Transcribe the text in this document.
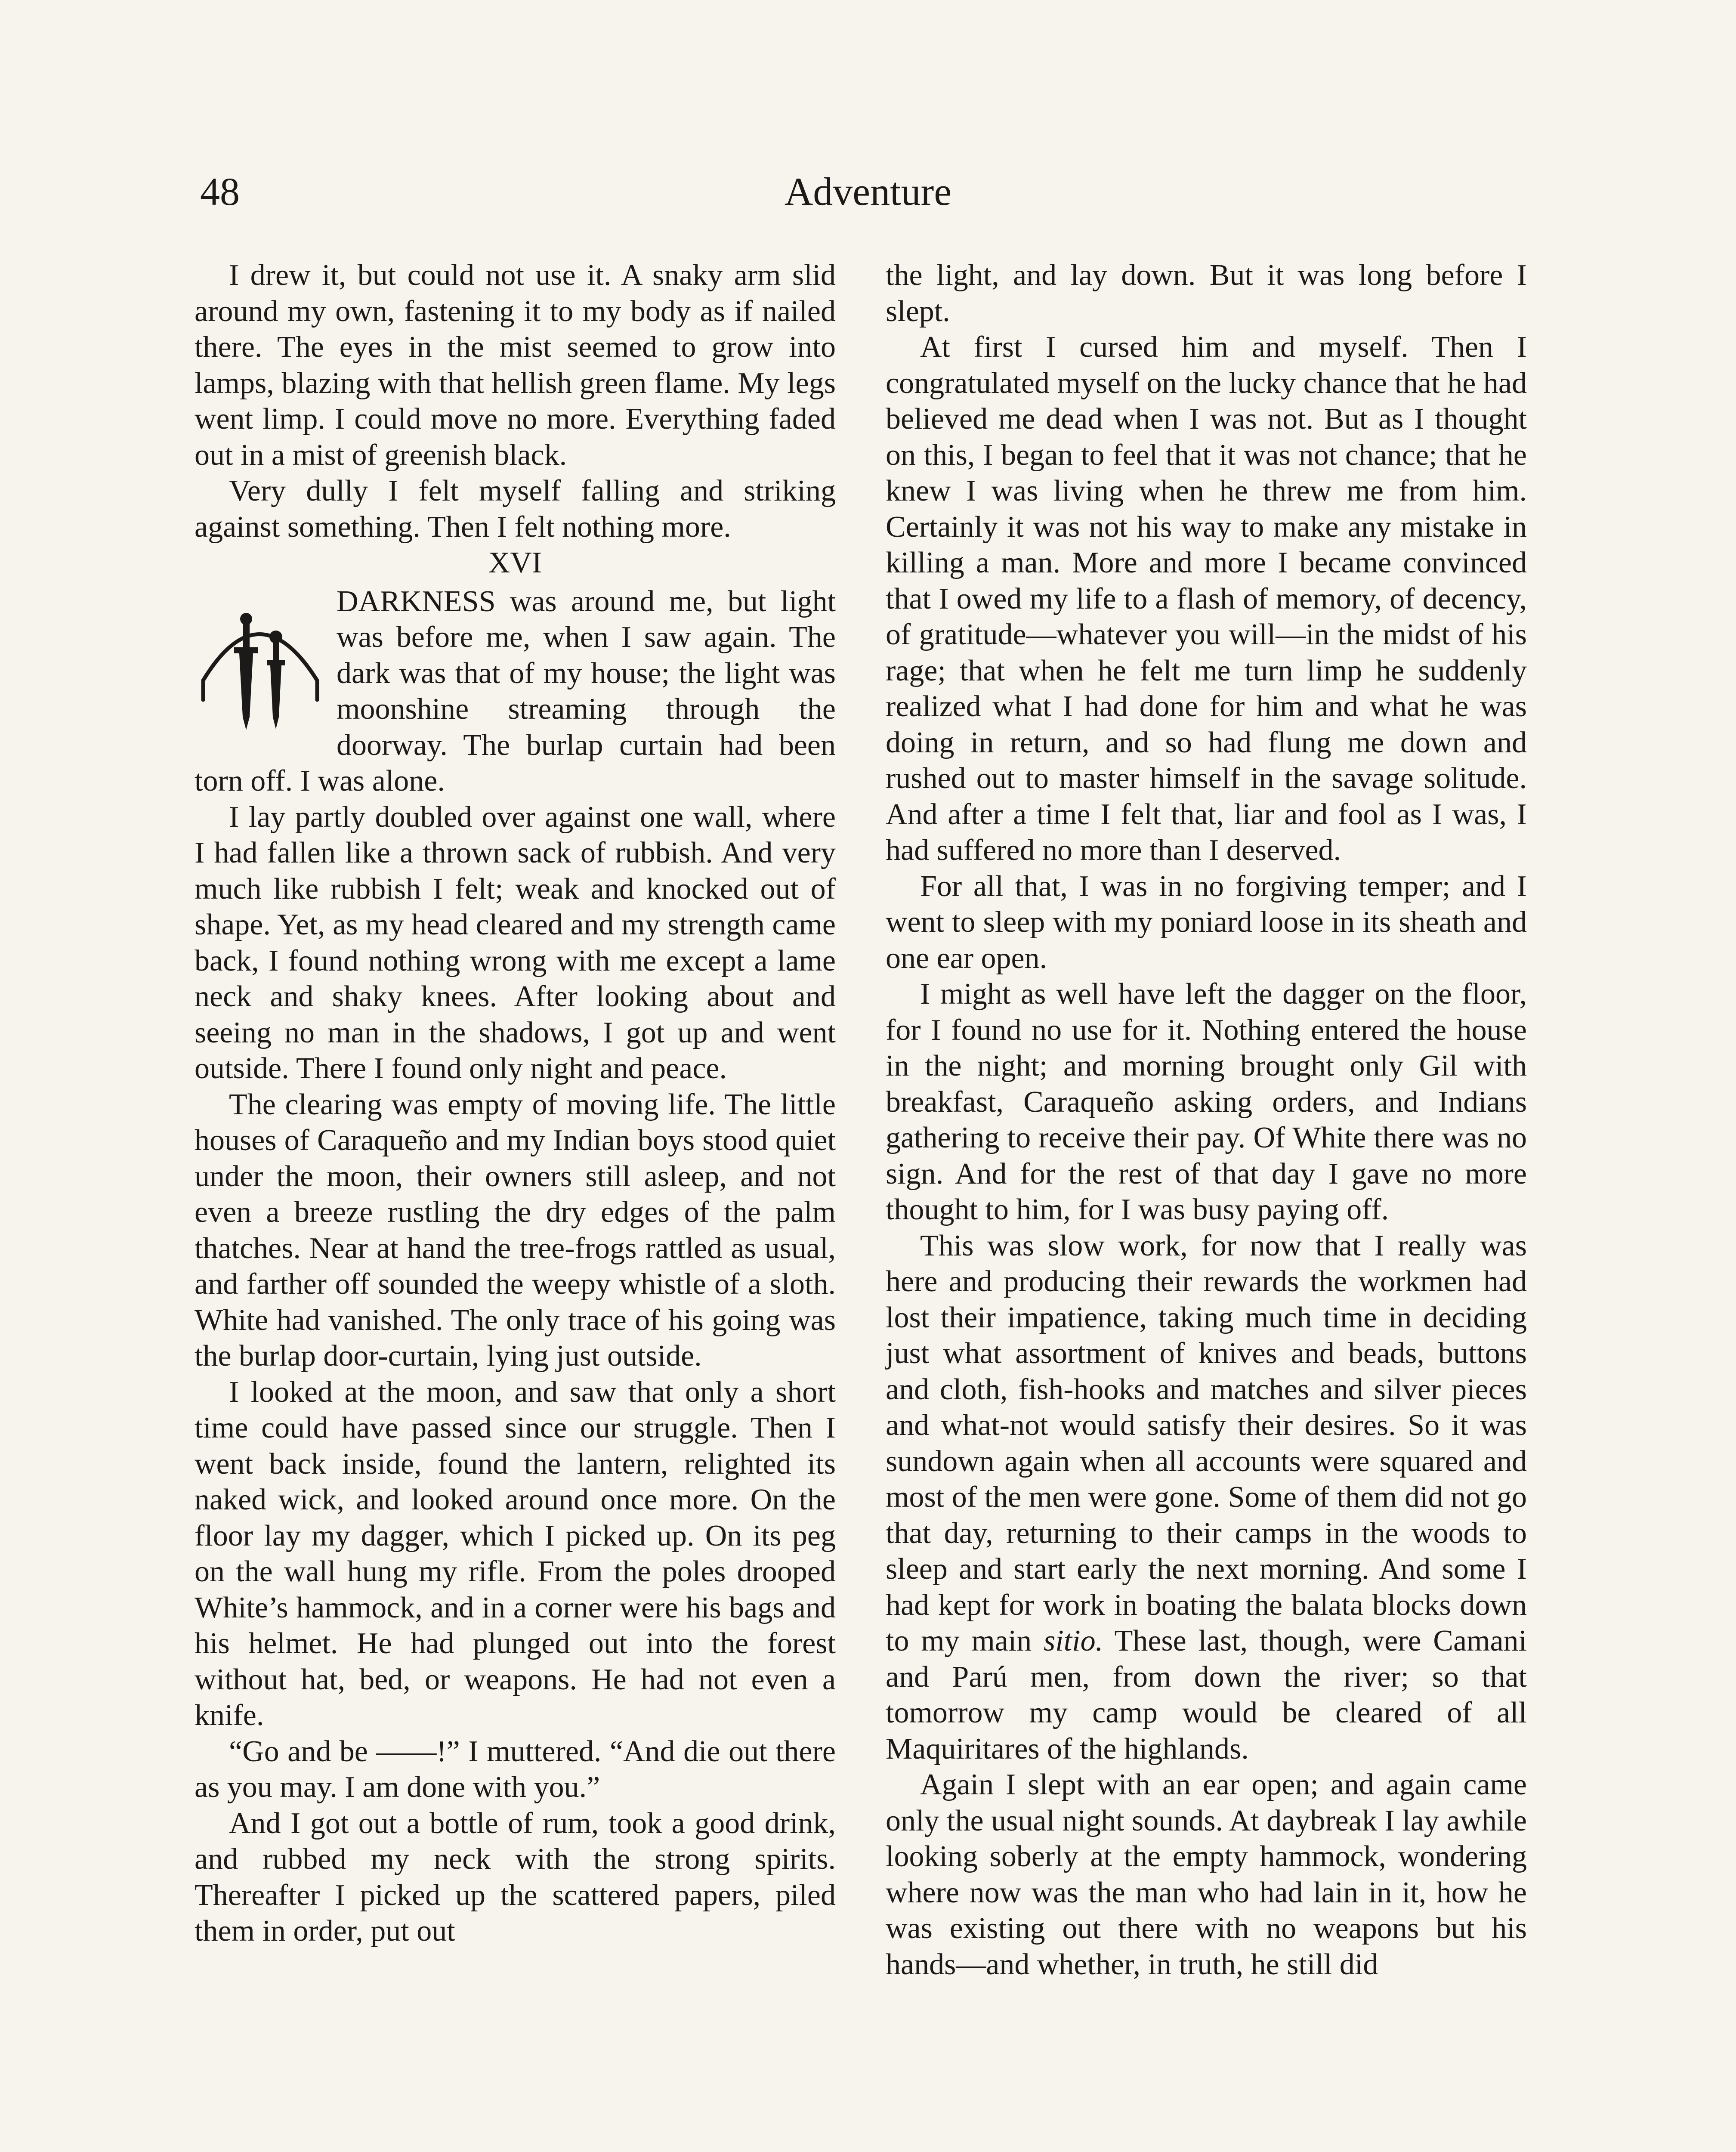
48	Adventure

I drew it, but could not use it. A snaky arm slid around my own, fastening it to my body as if nailed there. The eyes in the mist seemed to grow into lamps, blazing with that hellish green flame. My legs went limp. I could move no more. Everything faded out in a mist of greenish black.

Very dully I felt myself falling and striking against something. Then I felt nothing more.

XVI

DARKNESS was around me, but light was before me, when I saw again. The dark was that of my house; the light was moonshine streaming through the doorway. The burlap curtain had been torn off. I was alone.

I lay partly doubled over against one wall, where I had fallen like a thrown sack of rubbish. And very much like rubbish I felt; weak and knocked out of shape. Yet, as my head cleared and my strength came back, I found nothing wrong with me except a lame neck and shaky knees. After looking about and seeing no man in the shadows, I got up and went outside. There I found only night and peace.

The clearing was empty of moving life. The little houses of Caraqueño and my Indian boys stood quiet under the moon, their owners still asleep, and not even a breeze rustling the dry edges of the palm thatches. Near at hand the tree-frogs rattled as usual, and farther off sounded the weepy whistle of a sloth. White had vanished. The only trace of his going was the burlap door-curtain, lying just outside.

I looked at the moon, and saw that only a short time could have passed since our struggle. Then I went back inside, found the lantern, relighted its naked wick, and looked around once more. On the floor lay my dagger, which I picked up. On its peg on the wall hung my rifle. From the poles drooped White’s hammock, and in a corner were his bags and his helmet. He had plunged out into the forest without hat, bed, or weapons. He had not even a knife.

“Go and be ——!” I muttered. “And die out there as you may. I am done with you.”

And I got out a bottle of rum, took a good drink, and rubbed my neck with the strong spirits. Thereafter I picked up the scattered papers, piled them in order, put out

the light, and lay down. But it was long before I slept.

At first I cursed him and myself. Then I congratulated myself on the lucky chance that he had believed me dead when I was not. But as I thought on this, I began to feel that it was not chance; that he knew I was living when he threw me from him. Certainly it was not his way to make any mistake in killing a man. More and more I became convinced that I owed my life to a flash of memory, of decency, of gratitude—whatever you will—in the midst of his rage; that when he felt me turn limp he suddenly realized what I had done for him and what he was doing in return, and so had flung me down and rushed out to master himself in the savage solitude. And after a time I felt that, liar and fool as I was, I had suffered no more than I deserved.

For all that, I was in no forgiving temper; and I went to sleep with my poniard loose in its sheath and one ear open.

I might as well have left the dagger on the floor, for I found no use for it. Nothing entered the house in the night; and morning brought only Gil with breakfast, Caraqueño asking orders, and Indians gathering to receive their pay. Of White there was no sign. And for the rest of that day I gave no more thought to him, for I was busy paying off.

This was slow work, for now that I really was here and producing their rewards the workmen had lost their impatience, taking much time in deciding just what assortment of knives and beads, buttons and cloth, fish-hooks and matches and silver pieces and what-not would satisfy their desires. So it was sundown again when all accounts were squared and most of the men were gone. Some of them did not go that day, returning to their camps in the woods to sleep and start early the next morning. And some I had kept for work in boating the balata blocks down to my main sitio. These last, though, were Camani and Parú men, from down the river; so that tomorrow my camp would be cleared of all Maquiritares of the highlands.

Again I slept with an ear open; and again came only the usual night sounds. At daybreak I lay awhile looking soberly at the empty hammock, wondering where now was the man who had lain in it, how he was existing out there with no weapons but his hands—and whether, in truth, he still did
